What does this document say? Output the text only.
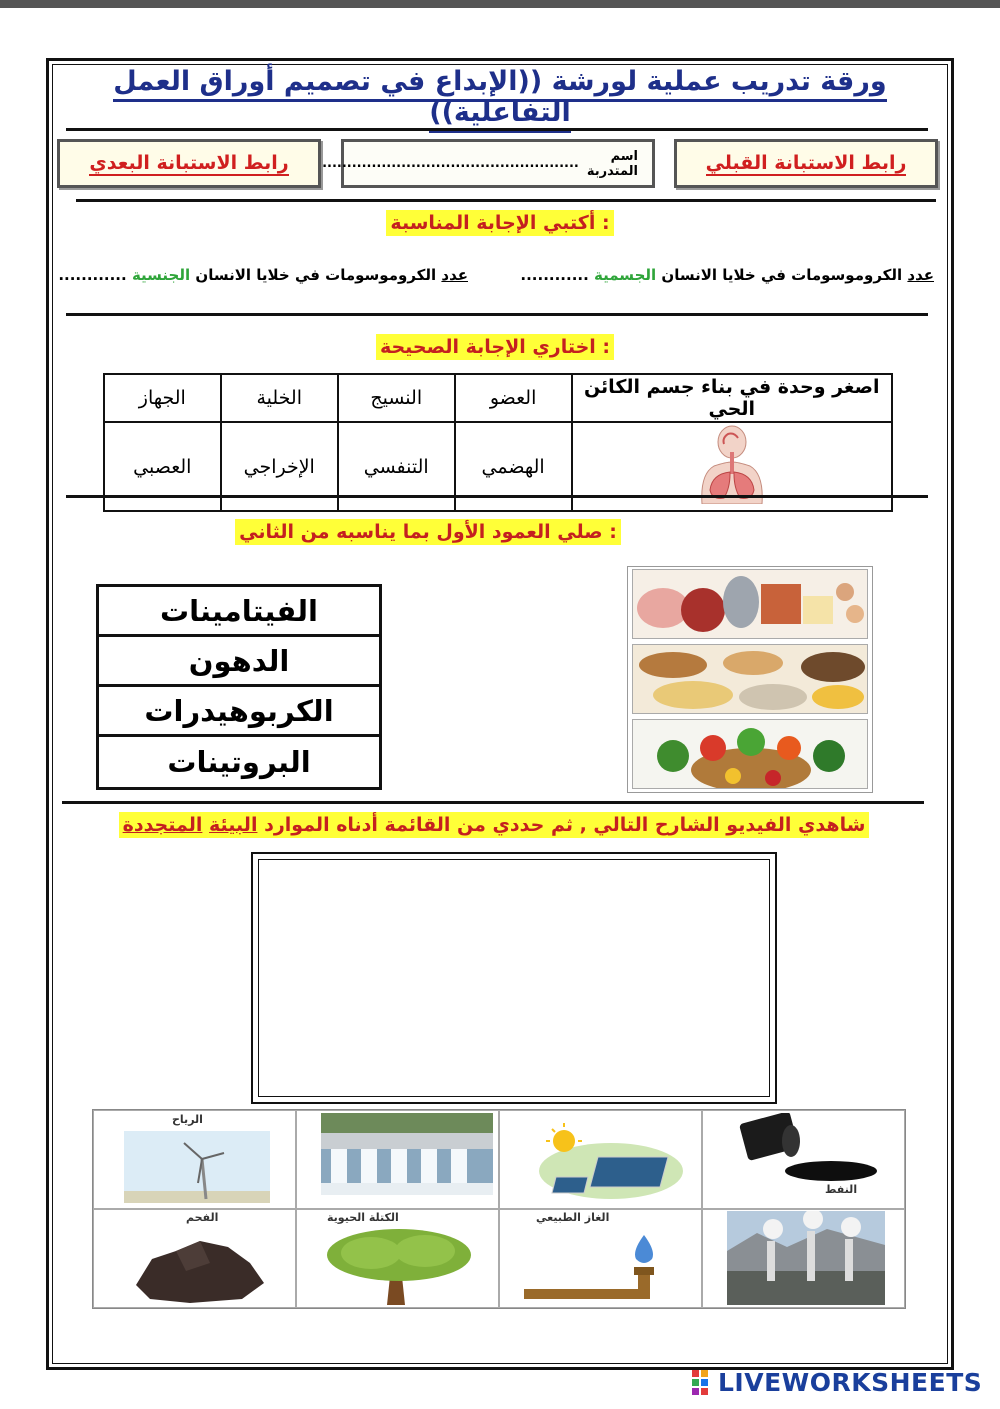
ورقة تدريب عملية لورشة ((الإبداع في تصميم أوراق العمل التفاعلية))
رابط الاستبانة القبلي
اسم المتدربة
....................................................
رابط الاستبانة البعدي
أكتبي الإجابة المناسبة :
عدد الكروموسومات في خلايا الانسان الجسمية ............
عدد الكروموسومات في خلايا الانسان الجنسية ............
اختاري الإجابة الصحيحة :
اصغر وحدة في بناء جسم الكائن الحي	العضو	النسيج	الخلية	الجهاز
	الهضمي	التنفسي	الإخراجي	العصبي
صلي العمود الأول بما يناسبه من الثاني :
الفيتامينات
الدهون
الكربوهيدرات
البروتينات
شاهدي الفيديو الشارح التالي , ثم حددي من القائمة أدناه الموارد البيئة المتجددة
الرياح
النفط
الفحم	الكتلة الحيوية	الغاز الطبيعي
LIVEWORKSHEETS
